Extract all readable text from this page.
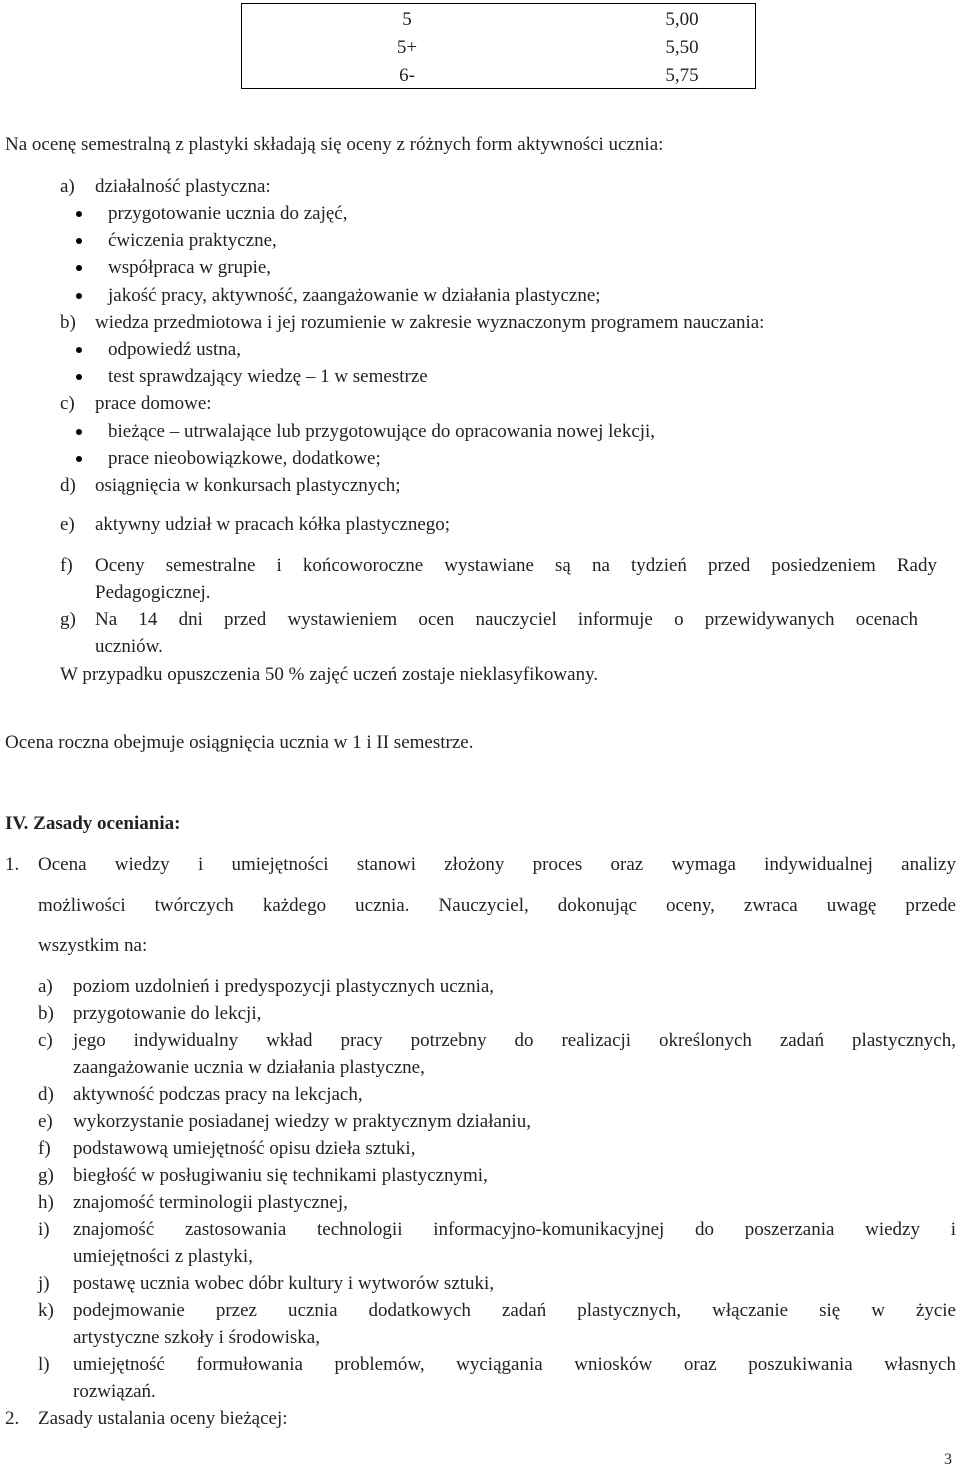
5	5,00
5+	5,50
6-	5,75
Na ocenę semestralną z plastyki składają się oceny z różnych form aktywności ucznia:
a) działalność plastyczna:
przygotowanie ucznia do zajęć,
ćwiczenia praktyczne,
współpraca w grupie,
jakość pracy, aktywność, zaangażowanie w działania plastyczne;
b) wiedza przedmiotowa i jej rozumienie w zakresie wyznaczonym programem nauczania:
odpowiedź ustna,
test sprawdzający wiedzę – 1 w semestrze
c) prace domowe:
bieżące – utrwalające lub przygotowujące do opracowania nowej lekcji,
prace nieobowiązkowe, dodatkowe;
d) osiągnięcia w konkursach plastycznych;
e) aktywny udział w pracach kółka plastycznego;
f) Oceny semestralne i końcoworoczne wystawiane są na tydzień przed posiedzeniem Rady
Pedagogicznej.
g) Na 14 dni przed wystawieniem ocen nauczyciel informuje o przewidywanych ocenach
uczniów.
W przypadku opuszczenia 50 % zajęć uczeń zostaje nieklasyfikowany.
Ocena roczna obejmuje osiągnięcia ucznia w 1 i II semestrze.
IV. Zasady oceniania:
1. Ocena wiedzy i umiejętności stanowi złożony proces oraz wymaga indywidualnej analizy
możliwości twórczych każdego ucznia. Nauczyciel, dokonując oceny, zwraca uwagę przede
wszystkim na:
a) poziom uzdolnień i predyspozycji plastycznych ucznia,
b) przygotowanie do lekcji,
c) jego indywidualny wkład pracy potrzebny do realizacji określonych zadań plastycznych,
zaangażowanie ucznia w działania plastyczne,
d) aktywność podczas pracy na lekcjach,
e) wykorzystanie posiadanej wiedzy w praktycznym działaniu,
f) podstawową umiejętność opisu dzieła sztuki,
g) biegłość w posługiwaniu się technikami plastycznymi,
h) znajomość terminologii plastycznej,
i) znajomość zastosowania technologii informacyjno-komunikacyjnej do poszerzania wiedzy i
umiejętności z plastyki,
j) postawę ucznia wobec dóbr kultury i wytworów sztuki,
k) podejmowanie przez ucznia dodatkowych zadań plastycznych, włączanie się w życie
artystyczne szkoły i środowiska,
l) umiejętność formułowania problemów, wyciągania wniosków oraz poszukiwania własnych
rozwiązań.
2. Zasady ustalania oceny bieżącej:
3
